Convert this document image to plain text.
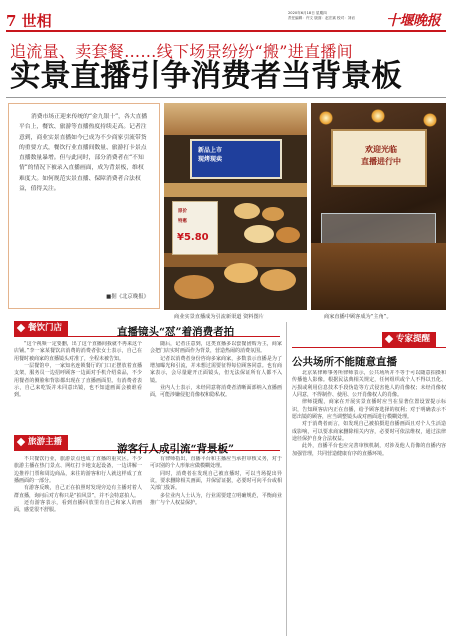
7 世相	2020年6月18日 星期四
责任编辑：许文 版面：赵宏斌 校对：刘岩	十堰晚报
追流量、卖套餐……线下场景纷纷“搬”进直播间
实景直播引争消费者当背景板
消费市场正迎来传统的“金九银十”，各大直播平台上，餐饮、旅游等直播热度持续走高。记者注意到，商业实景直播如今已成为不少商家引流带货的重要方式，餐饮行业直播间数量、旅游打卡景点直播数量暴增。但与此同时，部分消费者在“不知情”的情况下被录入直播画面，成为背景板，维权难度大。如何规范实景直播、保障消费者合法权益，值得关注。
■据《北京晚报》
新品上市
现烤现卖
原价
特惠
¥5.80
欢迎光临
直播进行中
商业实景直播成为引流新渠道 资料图片	商家直播中顾客成为“主角”。
餐饮门店	直播镜头“怼”着消费者拍

“这个视频一定要删，出了这个直播间我就不再来这个店铺。”李一家某餐饮店消费的消费者张女士表示，自己在用餐时被商家的直播镜头对准了，全程未被告知。

一层餐馆中，一家知名连锁餐厅的门口正摆放着直播支架，服务员一边招呼顾客一边面对手机介绍菜品，不少用餐者的侧脸和背影都出现在了直播画面里。有消费者表示，自己来吃饭并未同意出镜，也不知道画面会被谁看到。

随后，记者注意到，这类直播多以套餐团购为主，商家会把门店实时画面作为背景，营造热闹的消费氛围。

记者以消费者身份咨询多家商家，多数表示直播是为了增加曝光和引流，并未想过需要征得每位顾客同意。也有商家表示，会尽量避开正面镜头，但无法保证所有人都不入镜。

业内人士表示，未经同意将消费者清晰面部纳入直播画面，可能涉嫌侵犯肖像权和隐私权。

旅游主播
游客行人成引流“背景板”

不只餐饮行业，旅游景点也成了直播的重灾区。不少旅游主播在热门景点、网红打卡地支起设备，一边讲解一边推荐门票和周边商品，来往的游客和行人就这样成了直播画面的一部分。

有游客反映，自己正在拍照时发现旁边有主播对着人群直播，询问后对方称只是“拍风景”，并不会特意拍人。

还有游客表示，看到直播回放里有自己和家人的画面，感觉很不舒服。

有律师指出，直播平台和主播应当承担审核义务，对于可识别的个人形象应做模糊处理。

同时，消费者在发现自己被直播时，可以当场提出异议，要求删除相关画面，并保留证据，必要时可向平台或相关部门投诉。

多位业内人士认为，行业需要建立明确规范，平衡商业推广与个人权益保护。

专家提醒
公共场所不能随意直播

北京某律师事务所律师表示，公共场所并不等于可以随意拍摄和传播他人影像。根据民法典相关规定，任何组织或个人不得以丑化、污损或利用信息技术手段伪造等方式侵害他人的肖像权；未经肖像权人同意，不得制作、使用、公开肖像权人的肖像。

律师提醒，商家在开展实景直播时应当在显著位置设置提示标识，告知顾客店内正在直播，给予顾客选择的权利；对于明确表示不愿出镜的顾客，应当调整镜头或对画面进行模糊处理。

对于消费者而言，如发现自己被拍摄进直播画面且对个人生活造成影响，可以要求商家删除相关内容，必要时可依法维权，通过法律途径保护自身合法权益。

此外，直播平台也应完善审核机制，对涉及他人肖像的直播内容加强管理，共同营造健康有序的直播环境。
